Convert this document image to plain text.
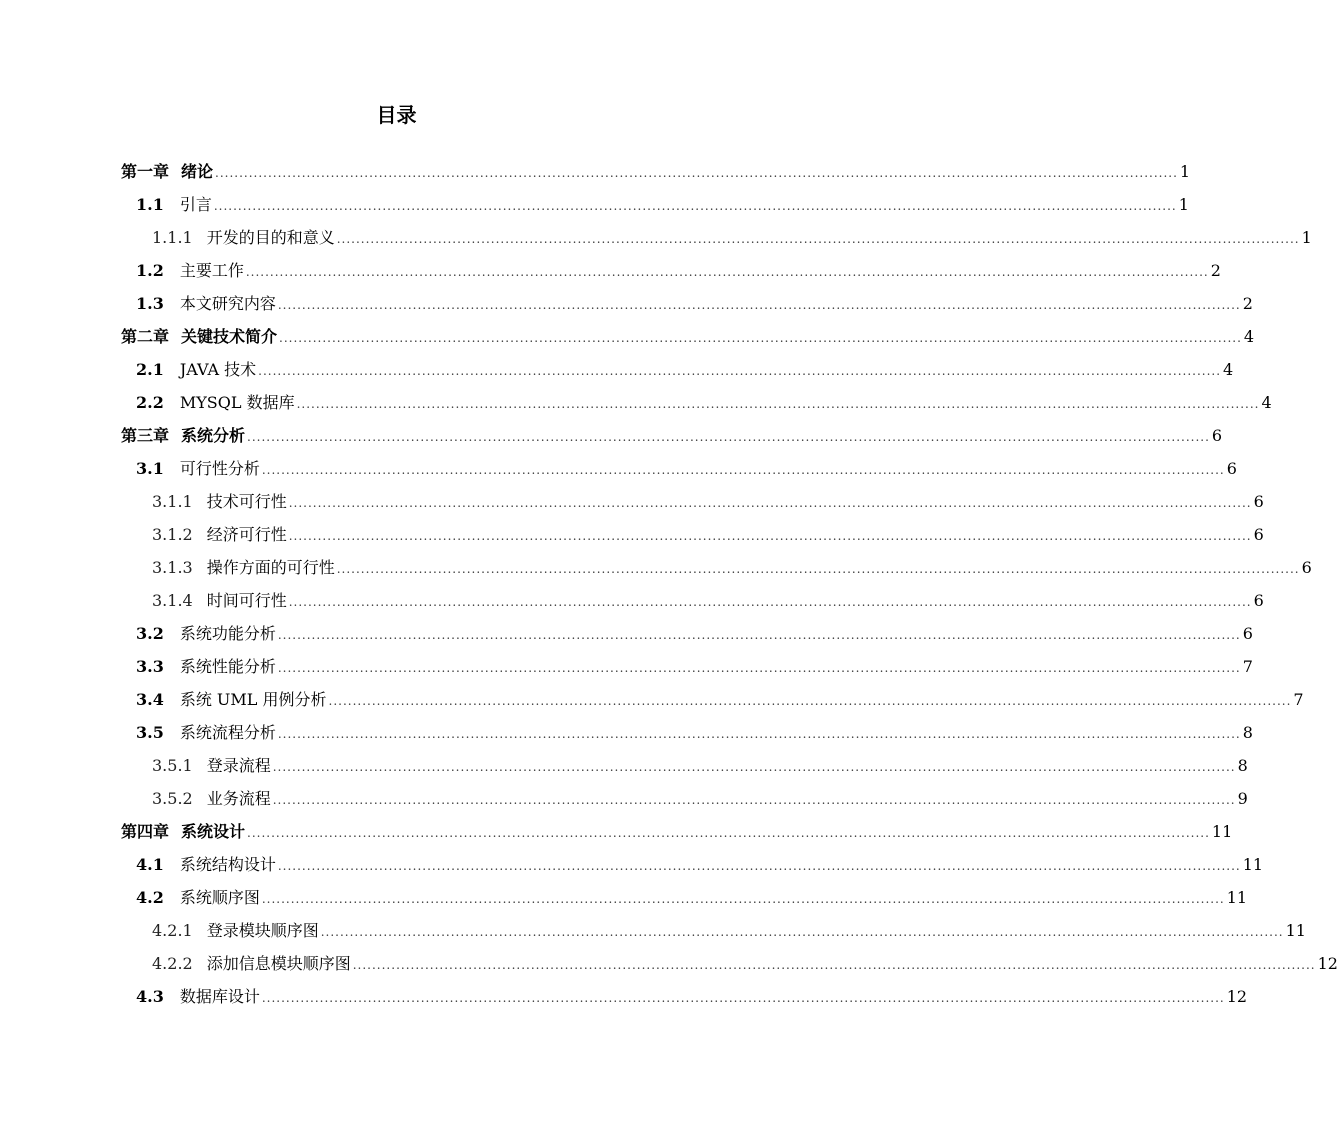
目录
第一章 绪论 ........................................................................................................................................................................................................ 1
1.1 引言 ........................................................................................................................................................................................................ 1
1.1.1 开发的目的和意义 ........................................................................................................................................................................................................ 1
1.2 主要工作 ........................................................................................................................................................................................................ 2
1.3 本文研究内容 ........................................................................................................................................................................................................ 2
第二章 关键技术简介 ........................................................................................................................................................................................................ 4
2.1 JAVA 技术 ........................................................................................................................................................................................................ 4
2.2 MYSQL 数据库 ........................................................................................................................................................................................................ 4
第三章 系统分析 ........................................................................................................................................................................................................ 6
3.1 可行性分析 ........................................................................................................................................................................................................ 6
3.1.1 技术可行性 ........................................................................................................................................................................................................ 6
3.1.2 经济可行性 ........................................................................................................................................................................................................ 6
3.1.3 操作方面的可行性 ........................................................................................................................................................................................................ 6
3.1.4 时间可行性 ........................................................................................................................................................................................................ 6
3.2 系统功能分析 ........................................................................................................................................................................................................ 6
3.3 系统性能分析 ........................................................................................................................................................................................................ 7
3.4 系统 UML 用例分析 ........................................................................................................................................................................................................ 7
3.5 系统流程分析 ........................................................................................................................................................................................................ 8
3.5.1 登录流程 ........................................................................................................................................................................................................ 8
3.5.2 业务流程 ........................................................................................................................................................................................................ 9
第四章 系统设计 ........................................................................................................................................................................................................ 11
4.1 系统结构设计 ........................................................................................................................................................................................................ 11
4.2 系统顺序图 ........................................................................................................................................................................................................ 11
4.2.1 登录模块顺序图 ........................................................................................................................................................................................................ 11
4.2.2 添加信息模块顺序图 ........................................................................................................................................................................................................ 12
4.3 数据库设计 ........................................................................................................................................................................................................ 12
